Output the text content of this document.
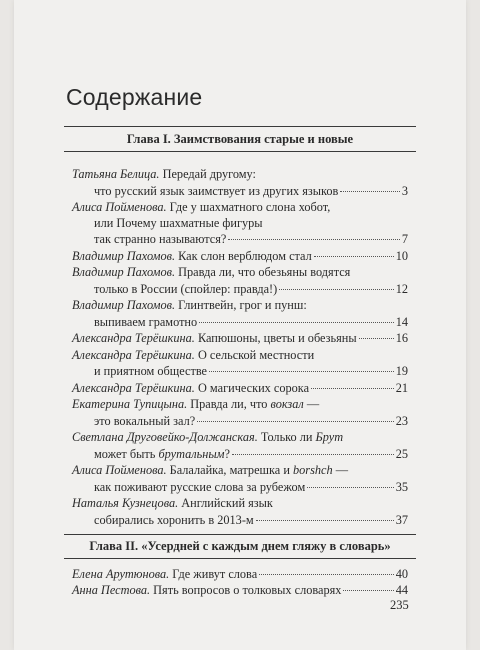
Содержание
Глава I. Заимствования старые и новые
Татьяна Белица. Передай другому:
что русский язык заимствует из других языков	3
Алиса Пойменова. Где у шахматного слона хобот,
или Почему шахматные фигуры
так странно называются?	7
Владимир Пахомов. Как слон верблюдом стал	10
Владимир Пахомов. Правда ли, что обезьяны водятся
только в России (спойлер: правда!)	12
Владимир Пахомов. Глинтвейн, грог и пунш:
выпиваем грамотно	14
Александра Терёшкина. Капюшоны, цветы и обезьяны	16
Александра Терёшкина. О сельской местности
и приятном обществе	19
Александра Терёшкина. О магических сорока	21
Екатерина Тупицына. Правда ли, что вокзал —
это вокальный зал?	23
Светлана Друговейко-Должанская. Только ли Брут
может быть брутальным?	25
Алиса Пойменова. Балалайка, матрешка и borshch —
как поживают русские слова за рубежом	35
Наталья Кузнецова. Английский язык
собирались хоронить в 2013-м	37
Глава II. «Усердней с каждым днем гляжу в словарь»
Елена Арутюнова. Где живут слова	40
Анна Пестова. Пять вопросов о толковых словарях	44
235
